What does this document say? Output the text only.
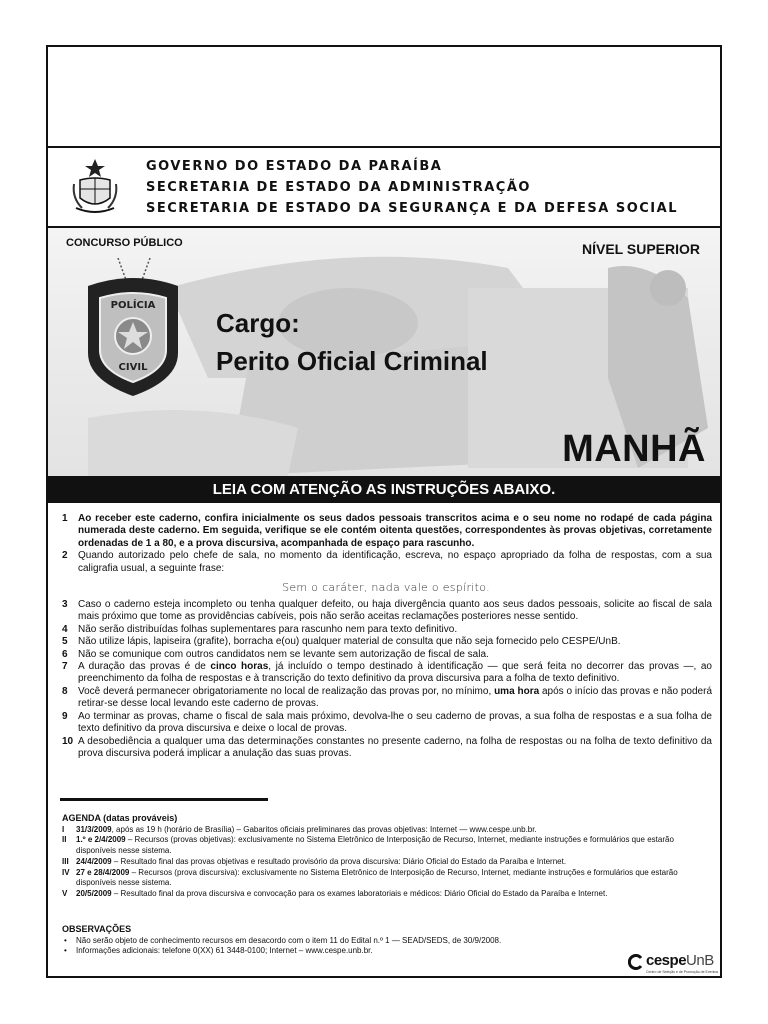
GOVERNO DO ESTADO DA PARAÍBA
SECRETARIA DE ESTADO DA ADMINISTRAÇÃO
SECRETARIA DE ESTADO DA SEGURANÇA E DA DEFESA SOCIAL
CONCURSO PÚBLICO	NÍVEL SUPERIOR
POLÍCIA
CIVIL
Cargo:
Perito Oficial Criminal
MANHÃ
LEIA COM ATENÇÃO AS INSTRUÇÕES ABAIXO.
1 Ao receber este caderno, confira inicialmente os seus dados pessoais transcritos acima e o seu nome no rodapé de cada página numerada deste caderno. Em seguida, verifique se ele contém oitenta questões, correspondentes às provas objetivas, corretamente ordenadas de 1 a 80, e a prova discursiva, acompanhada de espaço para rascunho.
2 Quando autorizado pelo chefe de sala, no momento da identificação, escreva, no espaço apropriado da folha de respostas, com a sua caligrafia usual, a seguinte frase:
Sem o caráter, nada vale o espírito.
3 Caso o caderno esteja incompleto ou tenha qualquer defeito, ou haja divergência quanto aos seus dados pessoais, solicite ao fiscal de sala mais próximo que tome as providências cabíveis, pois não serão aceitas reclamações posteriores nesse sentido.
4 Não serão distribuídas folhas suplementares para rascunho nem para texto definitivo.
5 Não utilize lápis, lapiseira (grafite), borracha e(ou) qualquer material de consulta que não seja fornecido pelo CESPE/UnB.
6 Não se comunique com outros candidatos nem se levante sem autorização de fiscal de sala.
7 A duração das provas é de cinco horas, já incluído o tempo destinado à identificação — que será feita no decorrer das provas —, ao preenchimento da folha de respostas e à transcrição do texto definitivo da prova discursiva para a folha de texto definitivo.
8 Você deverá permanecer obrigatoriamente no local de realização das provas por, no mínimo, uma hora após o início das provas e não poderá retirar-se desse local levando este caderno de provas.
9 Ao terminar as provas, chame o fiscal de sala mais próximo, devolva-lhe o seu caderno de provas, a sua folha de respostas e a sua folha de texto definitivo da prova discursiva e deixe o local de provas.
10 A desobediência a qualquer uma das determinações constantes no presente caderno, na folha de respostas ou na folha de texto definitivo da prova discursiva poderá implicar a anulação das suas provas.
AGENDA (datas prováveis)
I 31/3/2009, após as 19 h (horário de Brasília) – Gabaritos oficiais preliminares das provas objetivas: Internet — www.cespe.unb.br.
II 1.º e 2/4/2009 – Recursos (provas objetivas): exclusivamente no Sistema Eletrônico de Interposição de Recurso, Internet, mediante instruções e formulários que estarão disponíveis nesse sistema.
III 24/4/2009 – Resultado final das provas objetivas e resultado provisório da prova discursiva: Diário Oficial do Estado da Paraíba e Internet.
IV 27 e 28/4/2009 – Recursos (prova discursiva): exclusivamente no Sistema Eletrônico de Interposição de Recurso, Internet, mediante instruções e formulários que estarão disponíveis nesse sistema.
V 20/5/2009 – Resultado final da prova discursiva e convocação para os exames laboratoriais e médicos: Diário Oficial do Estado da Paraíba e Internet.
OBSERVAÇÕES
• Não serão objeto de conhecimento recursos em desacordo com o item 11 do Edital n.º 1 — SEAD/SEDS, de 30/9/2008.
• Informações adicionais: telefone 0(XX) 61 3448-0100; Internet – www.cespe.unb.br.
cespeUnB
Centro de Seleção e de Promoção de Eventos
